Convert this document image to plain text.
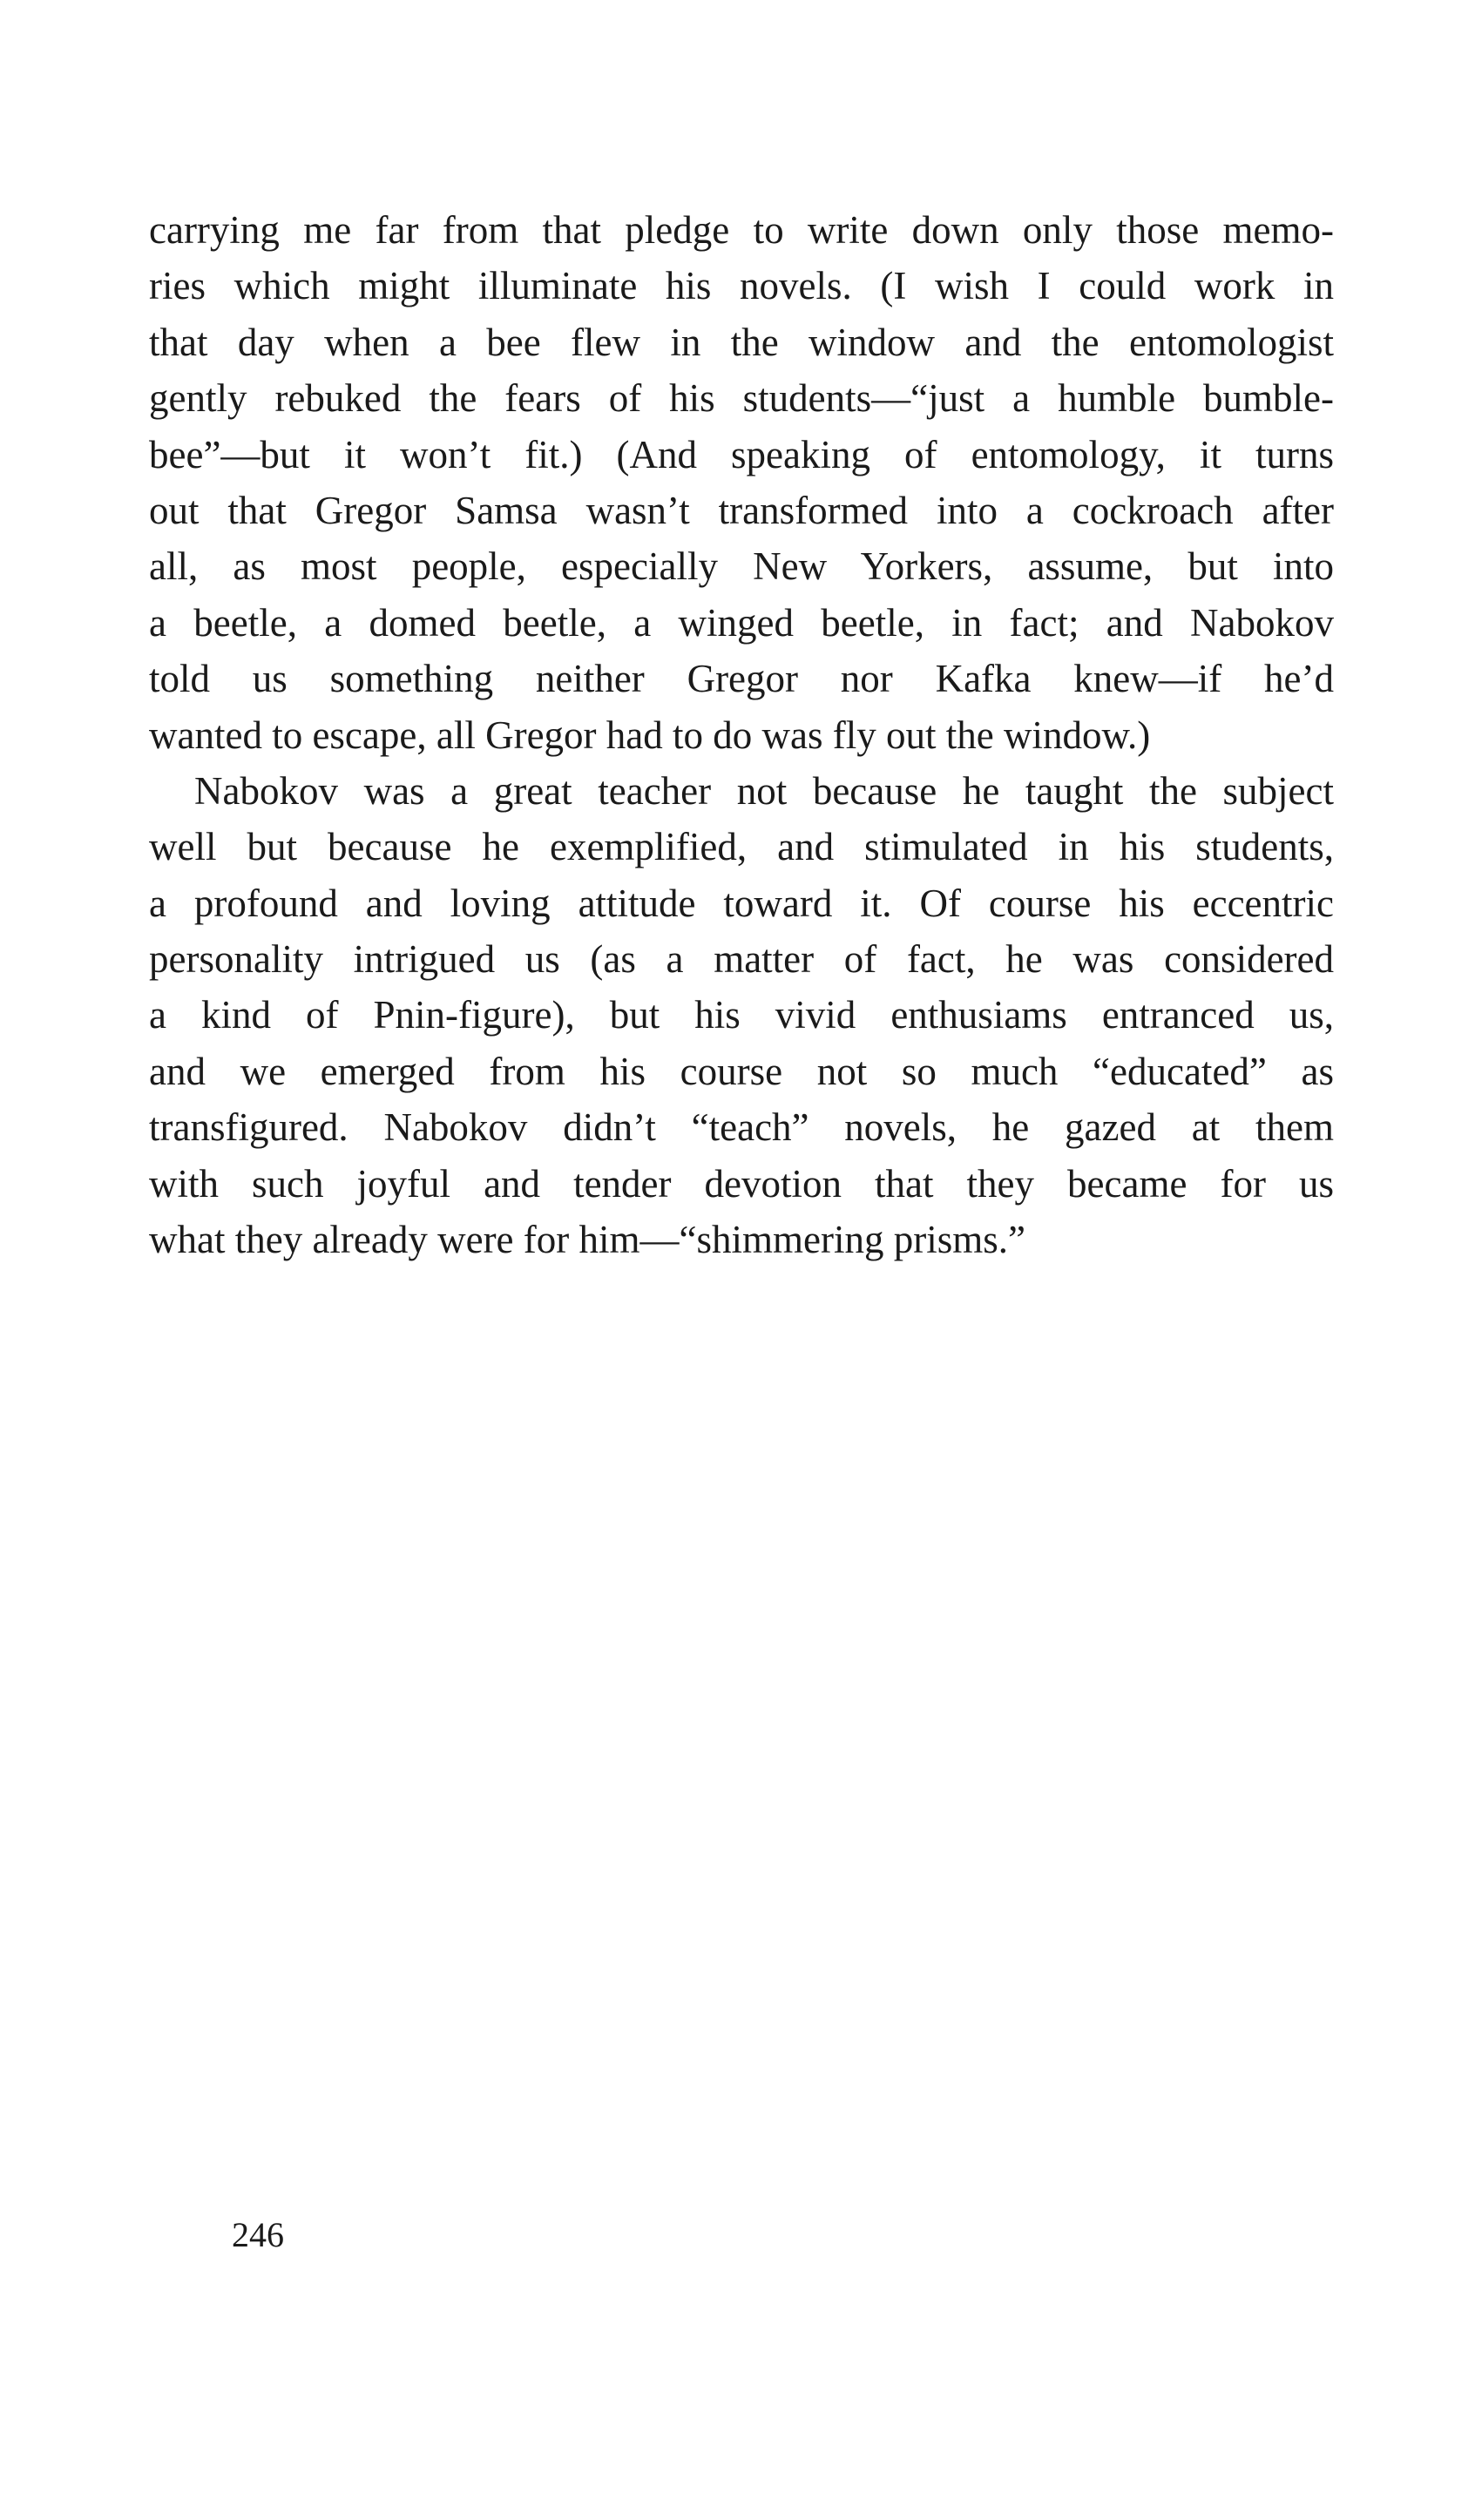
carrying me far from that pledge to write down only those memo-
ries which might illuminate his novels. (I wish I could work in
that day when a bee flew in the window and the entomologist
gently rebuked the fears of his students—“just a humble bumble-
bee”—but it won’t fit.) (And speaking of entomology, it turns
out that Gregor Samsa wasn’t transformed into a cockroach after
all, as most people, especially New Yorkers, assume, but into
a beetle, a domed beetle, a winged beetle, in fact; and Nabokov
told us something neither Gregor nor Kafka knew—if he’d
wanted to escape, all Gregor had to do was fly out the window.)
Nabokov was a great teacher not because he taught the subject
well but because he exemplified, and stimulated in his students,
a profound and loving attitude toward it. Of course his eccentric
personality intrigued us (as a matter of fact, he was considered
a kind of Pnin-figure), but his vivid enthusiams entranced us,
and we emerged from his course not so much “educated” as
transfigured. Nabokov didn’t “teach” novels, he gazed at them
with such joyful and tender devotion that they became for us
what they already were for him—“shimmering prisms.”
246
